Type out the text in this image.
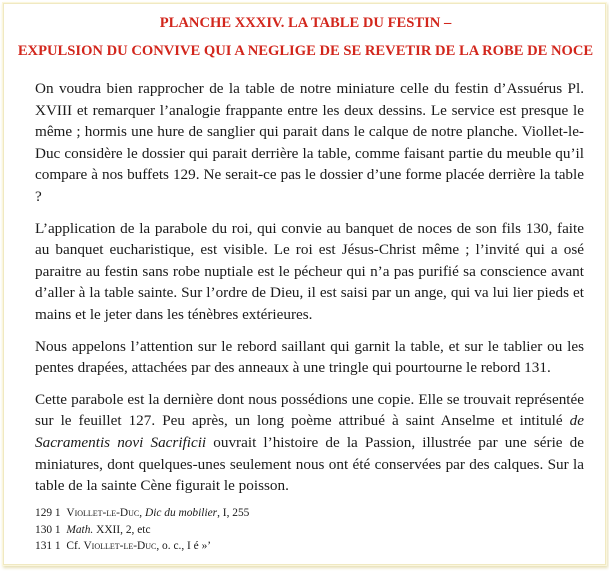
PLANCHE XXXIV. LA TABLE DU FESTIN –
EXPULSION DU CONVIVE QUI A NEGLIGE DE SE REVETIR DE LA ROBE DE NOCE

On voudra bien rapprocher de la table de notre miniature celle du festin d’Assuérus Pl. XVIII et remarquer l’analogie frappante entre les deux dessins. Le service est presque le même ; hormis une hure de sanglier qui parait dans le calque de notre planche. Viollet-le-Duc considère le dossier qui parait derrière la table, comme faisant partie du meuble qu’il compare à nos buffets 129. Ne serait-ce pas le dossier d’une forme placée derrière la table ?

L’application de la parabole du roi, qui convie au banquet de noces de son fils 130, faite au banquet eucharistique, est visible. Le roi est Jésus-Christ même ; l’invité qui a osé paraitre au festin sans robe nuptiale est le pécheur qui n’a pas purifié sa conscience avant d’aller à la table sainte. Sur l’ordre de Dieu, il est saisi par un ange, qui va lui lier pieds et mains et le jeter dans les ténèbres extérieures.

Nous appelons l’attention sur le rebord saillant qui garnit la table, et sur le tablier ou les pentes drapées, attachées par des anneaux à une tringle qui pourtourne le rebord 131.

Cette parabole est la dernière dont nous possédions une copie. Elle se trouvait représentée sur le feuillet 127. Peu après, un long poème attribué à saint Anselme et intitulé de Sacramentis novi Sacrificii ouvrait l’histoire de la Passion, illustrée par une série de miniatures, dont quelques-unes seulement nous ont été conservées par des calques. Sur la table de la sainte Cène figurait le poisson.

129 1 Viollet-le-Duc, Dic du mobilier, I, 255
130 1 Math. XXII, 2, etc
131 1 Cf. Viollet-le-Duc, o. c., I é »’
